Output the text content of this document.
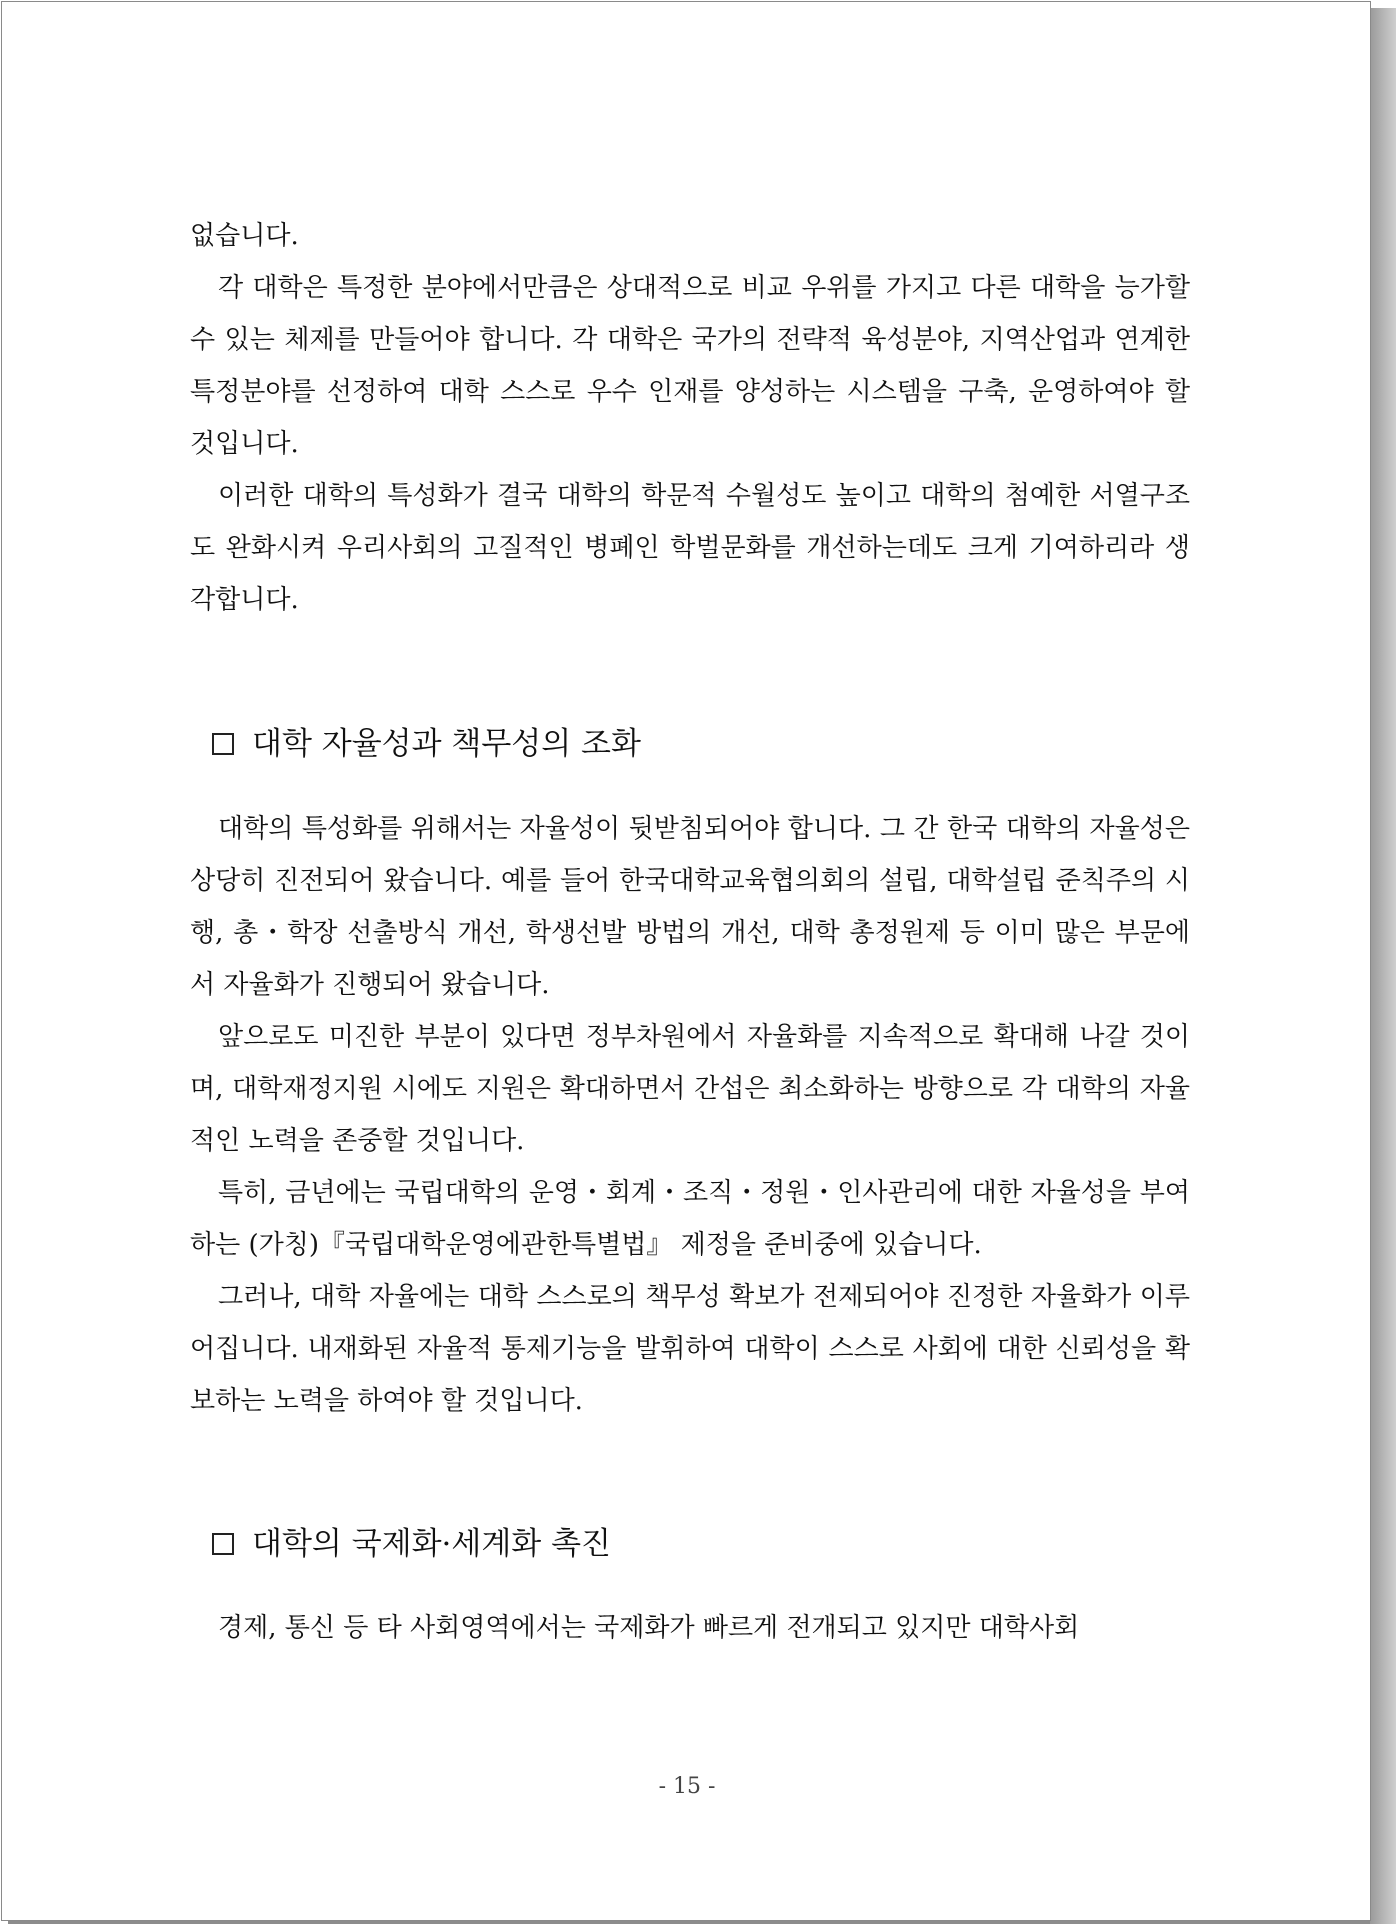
없습니다.
각 대학은 특정한 분야에서만큼은 상대적으로 비교 우위를 가지고 다른 대학을 능가할 수 있는 체제를 만들어야 합니다. 각 대학은 국가의 전략적 육성분야, 지역산업과 연계한 특정분야를 선정하여 대학 스스로 우수 인재를 양성하는 시스템을 구축, 운영하여야 할 것입니다.
이러한 대학의 특성화가 결국 대학의 학문적 수월성도 높이고 대학의 첨예한 서열구조도 완화시켜 우리사회의 고질적인 병폐인 학벌문화를 개선하는데도 크게 기여하리라 생각합니다.
대학 자율성과 책무성의 조화
대학의 특성화를 위해서는 자율성이 뒷받침되어야 합니다. 그 간 한국 대학의 자율성은 상당히 진전되어 왔습니다. 예를 들어 한국대학교육협의회의 설립, 대학설립 준칙주의 시행, 총・학장 선출방식 개선, 학생선발 방법의 개선, 대학 총정원제 등 이미 많은 부문에서 자율화가 진행되어 왔습니다.
앞으로도 미진한 부분이 있다면 정부차원에서 자율화를 지속적으로 확대해 나갈 것이며, 대학재정지원 시에도 지원은 확대하면서 간섭은 최소화하는 방향으로 각 대학의 자율적인 노력을 존중할 것입니다.
특히, 금년에는 국립대학의 운영・회계・조직・정원・인사관리에 대한 자율성을 부여하는 (가칭)『국립대학운영에관한특별법』 제정을 준비중에 있습니다.
그러나, 대학 자율에는 대학 스스로의 책무성 확보가 전제되어야 진정한 자율화가 이루어집니다. 내재화된 자율적 통제기능을 발휘하여 대학이 스스로 사회에 대한 신뢰성을 확보하는 노력을 하여야 할 것입니다.
대학의 국제화·세계화 촉진
경제, 통신 등 타 사회영역에서는 국제화가 빠르게 전개되고 있지만 대학사회
- 15 -
